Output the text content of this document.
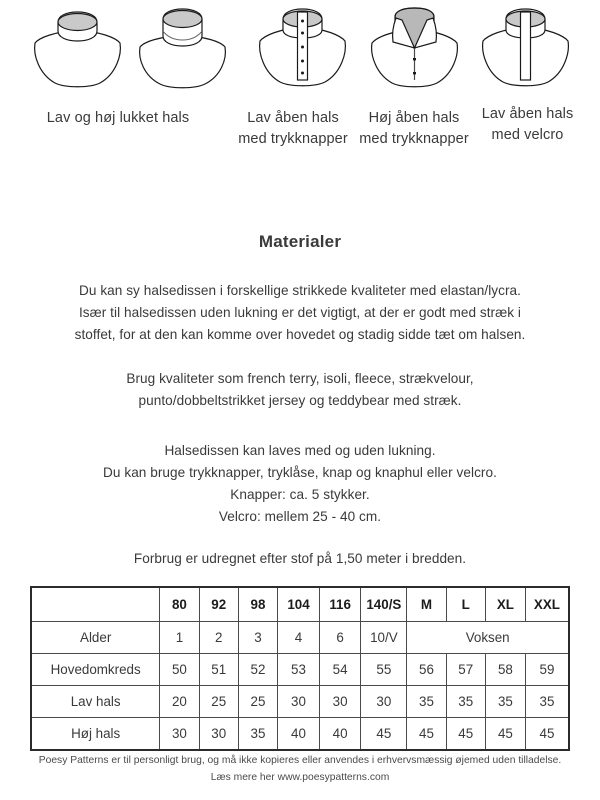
Lav og høj lukket hals	Lav åben hals
med trykknapper
Høj åben hals
med trykknapper
Lav åben hals
med velcro
Materialer

Du kan sy halsedissen i forskellige strikkede kvaliteter med elastan/lycra.
Især til halsedissen uden lukning er det vigtigt, at der er godt med stræk i
stoffet, for at den kan komme over hovedet og stadig sidde tæt om halsen.

Brug kvaliteter som french terry, isoli, fleece, strækvelour,
punto/dobbeltstrikket jersey og teddybear med stræk.

Halsedissen kan laves med og uden lukning.
Du kan bruge trykknapper, tryklåse, knap og knaphul eller velcro.
Knapper: ca. 5 stykker.
Velcro: mellem 25 - 40 cm.

Forbrug er udregnet efter stof på 1,50 meter i bredden.

	80	92	98	104	116	140/S	M	L	XL	XXL
Alder	1	2	3	4	6	10/V	Voksen			
Hovedomkreds	50	51	52	53	54	55	56	57	58	59
Lav hals	20	25	25	30	30	30	35	35	35	35
Høj hals	30	30	35	40	40	45	45	45	45	45
Poesy Patterns er til personligt brug, og må ikke kopieres eller anvendes i erhvervsmæssig øjemed uden tilladelse.
Læs mere her www.poesypatterns.com
